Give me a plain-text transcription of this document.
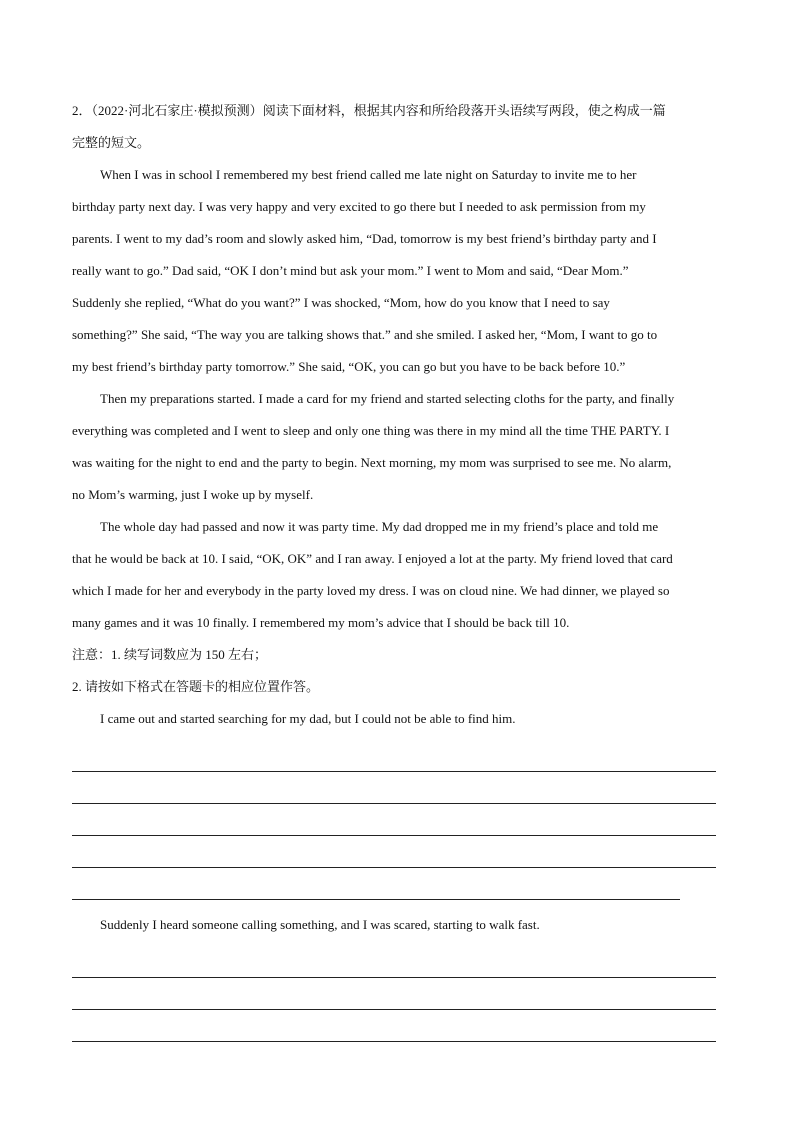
2．（2022·河北石家庄·模拟预测）阅读下面材料，根据其内容和所给段落开头语续写两段，使之构成一篇
完整的短文。
When I was in school I remembered my best friend called me late night on Saturday to invite me to her
birthday party next day. I was very happy and very excited to go there but I needed to ask permission from my
parents. I went to my dad’s room and slowly asked him, “Dad, tomorrow is my best friend’s birthday party and I
really want to go.” Dad said, “OK I don’t mind but ask your mom.” I went to Mom and said, “Dear Mom.”
Suddenly she replied, “What do you want?” I was shocked, “Mom, how do you know that I need to say
something?” She said, “The way you are talking shows that.” and she smiled. I asked her, “Mom, I want to go to
my best friend’s birthday party tomorrow.” She said, “OK, you can go but you have to be back before 10.”
Then my preparations started. I made a card for my friend and started selecting cloths for the party, and finally
everything was completed and I went to sleep and only one thing was there in my mind all the time THE PARTY. I
was waiting for the night to end and the party to begin. Next morning, my mom was surprised to see me. No alarm,
no Mom’s warming, just I woke up by myself.
The whole day had passed and now it was party time. My dad dropped me in my friend’s place and told me
that he would be back at 10. I said, “OK, OK” and I ran away. I enjoyed a lot at the party. My friend loved that card
which I made for her and everybody in the party loved my dress. I was on cloud nine. We had dinner, we played so
many games and it was 10 finally. I remembered my mom’s advice that I should be back till 10.
注意：1. 续写词数应为 150 左右；
2. 请按如下格式在答题卡的相应位置作答。
I came out and started searching for my dad, but I could not be able to find him.
Suddenly I heard someone calling something, and I was scared, starting to walk fast.
